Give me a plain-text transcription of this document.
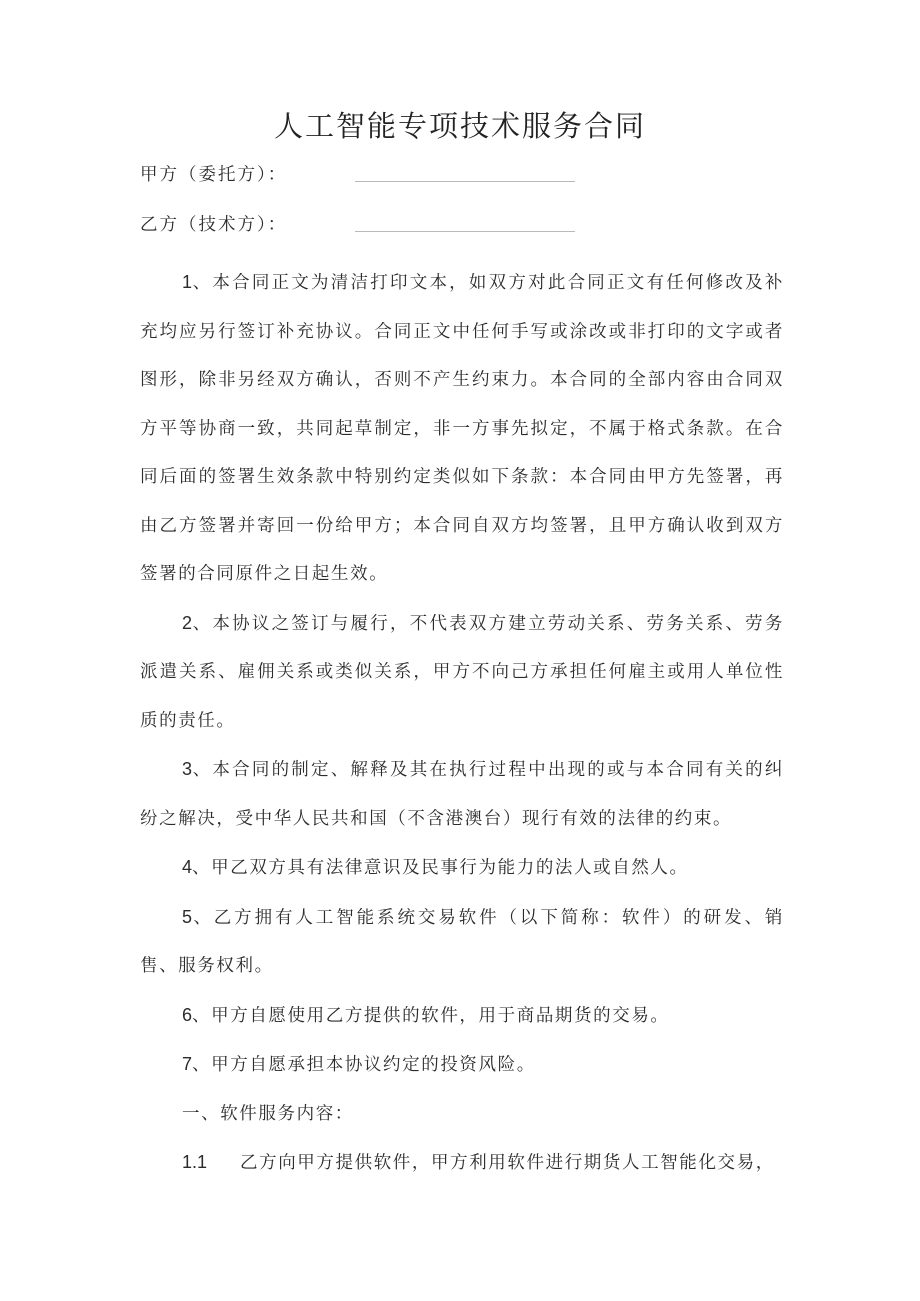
人工智能专项技术服务合同
甲方（委托方）：
乙方（技术方）：

1、本合同正文为清洁打印文本，如双方对此合同正文有任何修改及补充均应另行签订补充协议。合同正文中任何手写或涂改或非打印的文字或者图形，除非另经双方确认，否则不产生约束力。本合同的全部内容由合同双方平等协商一致，共同起草制定，非一方事先拟定，不属于格式条款。在合同后面的签署生效条款中特别约定类似如下条款：本合同由甲方先签署，再由乙方签署并寄回一份给甲方；本合同自双方均签署，且甲方确认收到双方签署的合同原件之日起生效。

2、本协议之签订与履行，不代表双方建立劳动关系、劳务关系、劳务派遣关系、雇佣关系或类似关系，甲方不向己方承担任何雇主或用人单位性质的责任。

3、本合同的制定、解释及其在执行过程中出现的或与本合同有关的纠纷之解决，受中华人民共和国（不含港澳台）现行有效的法律的约束。

4、甲乙双方具有法律意识及民事行为能力的法人或自然人。

5、乙方拥有人工智能系统交易软件（以下简称：软件）的研发、销售、服务权利。

6、甲方自愿使用乙方提供的软件，用于商品期货的交易。

7、甲方自愿承担本协议约定的投资风险。

一、软件服务内容：

1.1 乙方向甲方提供软件，甲方利用软件进行期货人工智能化交易，
